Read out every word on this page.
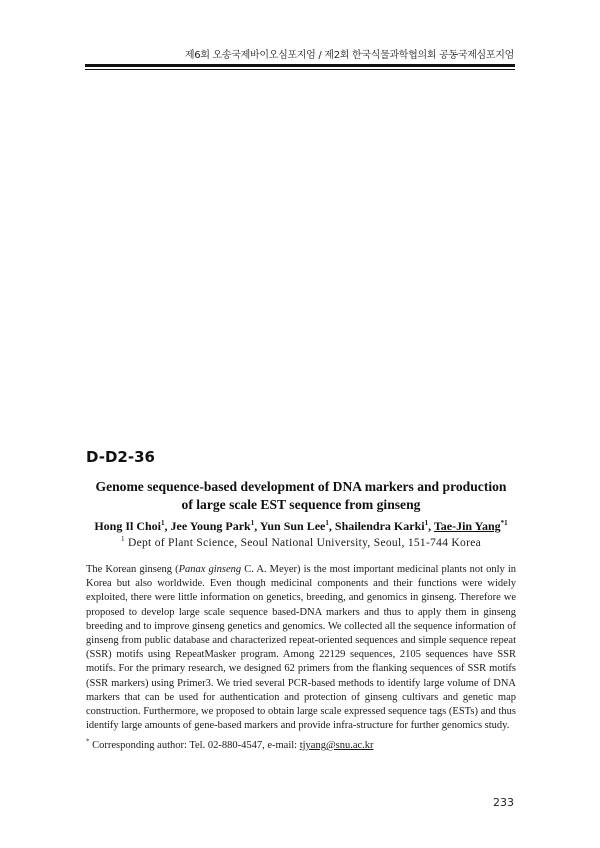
제6회 오송국제바이오심포지엄 / 제2회 한국식물과학협의회 공동국제심포지엄
D-D2-36
Genome sequence-based development of DNA markers and production
of large scale EST sequence from ginseng
Hong Il Choi$^1$, Jee Young Park$^1$, Yun Sun Lee$^1$, Shailendra Karki$^1$, Tae-Jin Yang$^{*1}$
$^1$ Dept of Plant Science, Seoul National University, Seoul, 151-744 Korea
The Korean ginseng (Panax ginseng C. A. Meyer) is the most important medicinal plants not only in Korea but also worldwide. Even though medicinal components and their functions were widely exploited, there were little information on genetics, breeding, and genomics in ginseng. Therefore we proposed to develop large scale sequence based-DNA markers and thus to apply them in ginseng breeding and to improve ginseng genetics and genomics. We collected all the sequence information of ginseng from public database and characterized repeat-oriented sequences and simple sequence repeat (SSR) motifs using RepeatMasker program. Among 22129 sequences, 2105 sequences have SSR motifs. For the primary research, we designed 62 primers from the flanking sequences of SSR motifs (SSR markers) using Primer3. We tried several PCR-based methods to identify large volume of DNA markers that can be used for authentication and protection of ginseng cultivars and genetic map construction. Furthermore, we proposed to obtain large scale expressed sequence tags (ESTs) and thus identify large amounts of gene-based markers and provide infra-structure for further genomics study.
* Corresponding author: Tel. 02-880-4547, e-mail: tjyang@snu.ac.kr
233
